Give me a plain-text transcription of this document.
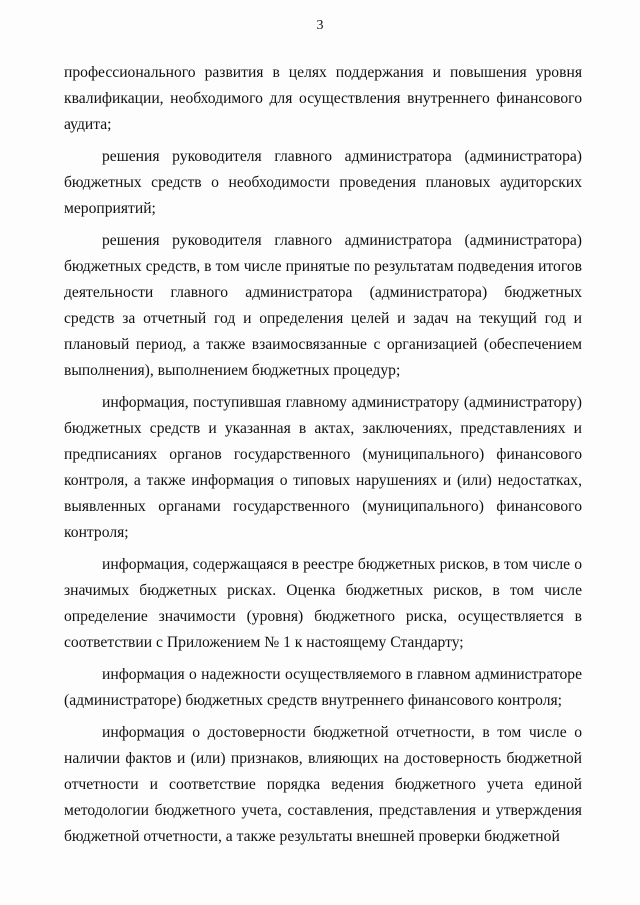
3

профессионального развития в целях поддержания и повышения уровня квалификации, необходимого для осуществления внутреннего финансового аудита;

решения руководителя главного администратора (администратора) бюджетных средств о необходимости проведения плановых аудиторских мероприятий;

решения руководителя главного администратора (администратора) бюджетных средств, в том числе принятые по результатам подведения итогов деятельности главного администратора (администратора) бюджетных средств за отчетный год и определения целей и задач на текущий год и плановый период, а также взаимосвязанные с организацией (обеспечением выполнения), выполнением бюджетных процедур;

информация, поступившая главному администратору (администратору) бюджетных средств и указанная в актах, заключениях, представлениях и предписаниях органов государственного (муниципального) финансового контроля, а также информация о типовых нарушениях и (или) недостатках, выявленных органами государственного (муниципального) финансового контроля;

информация, содержащаяся в реестре бюджетных рисков, в том числе о значимых бюджетных рисках. Оценка бюджетных рисков, в том числе определение значимости (уровня) бюджетного риска, осуществляется в соответствии с Приложением № 1 к настоящему Стандарту;

информация о надежности осуществляемого в главном администраторе (администраторе) бюджетных средств внутреннего финансового контроля;

информация о достоверности бюджетной отчетности, в том числе о наличии фактов и (или) признаков, влияющих на достоверность бюджетной отчетности и соответствие порядка ведения бюджетного учета единой методологии бюджетного учета, составления, представления и утверждения бюджетной отчетности, а также результаты внешней проверки бюджетной
